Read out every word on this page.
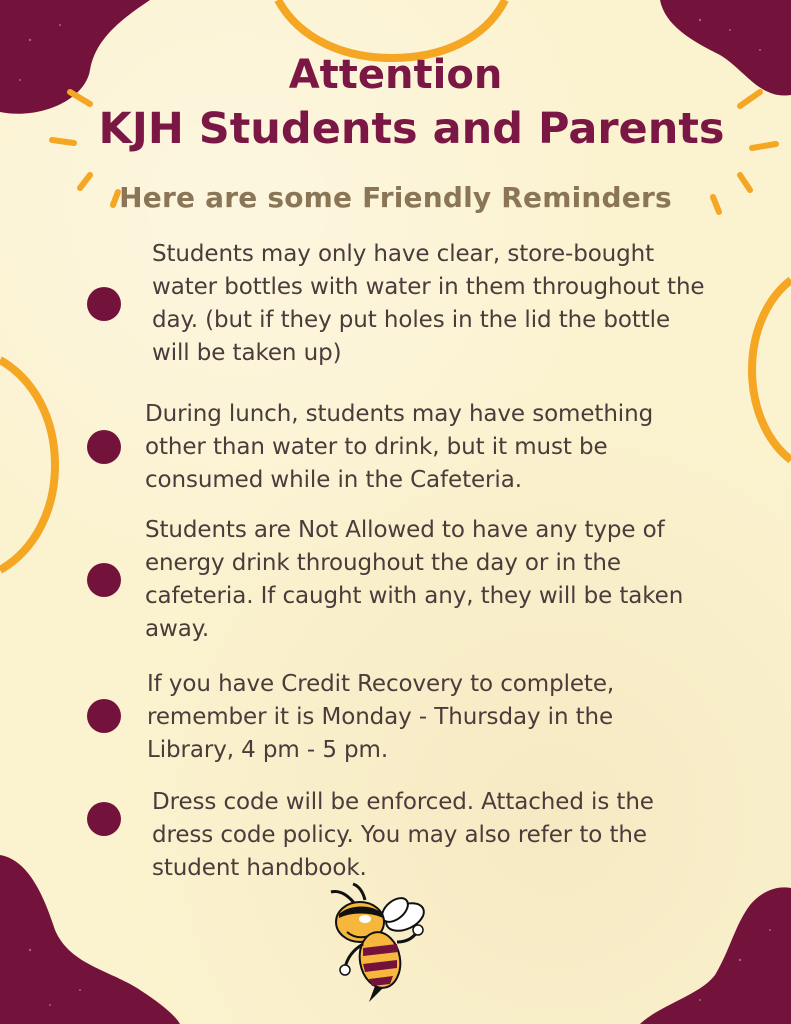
Attention
KJH Students and Parents
Here are some Friendly Reminders

Students may only have clear, store-bought water bottles with water in them throughout the day. (but if they put holes in the lid the bottle will be taken up)

During lunch, students may have something other than water to drink, but it must be consumed while in the Cafeteria.

Students are Not Allowed to have any type of energy drink throughout the day or in the cafeteria. If caught with any, they will be taken away.

If you have Credit Recovery to complete, remember it is Monday - Thursday in the Library, 4 pm - 5 pm.

Dress code will be enforced. Attached is the dress code policy. You may also refer to the student handbook.
